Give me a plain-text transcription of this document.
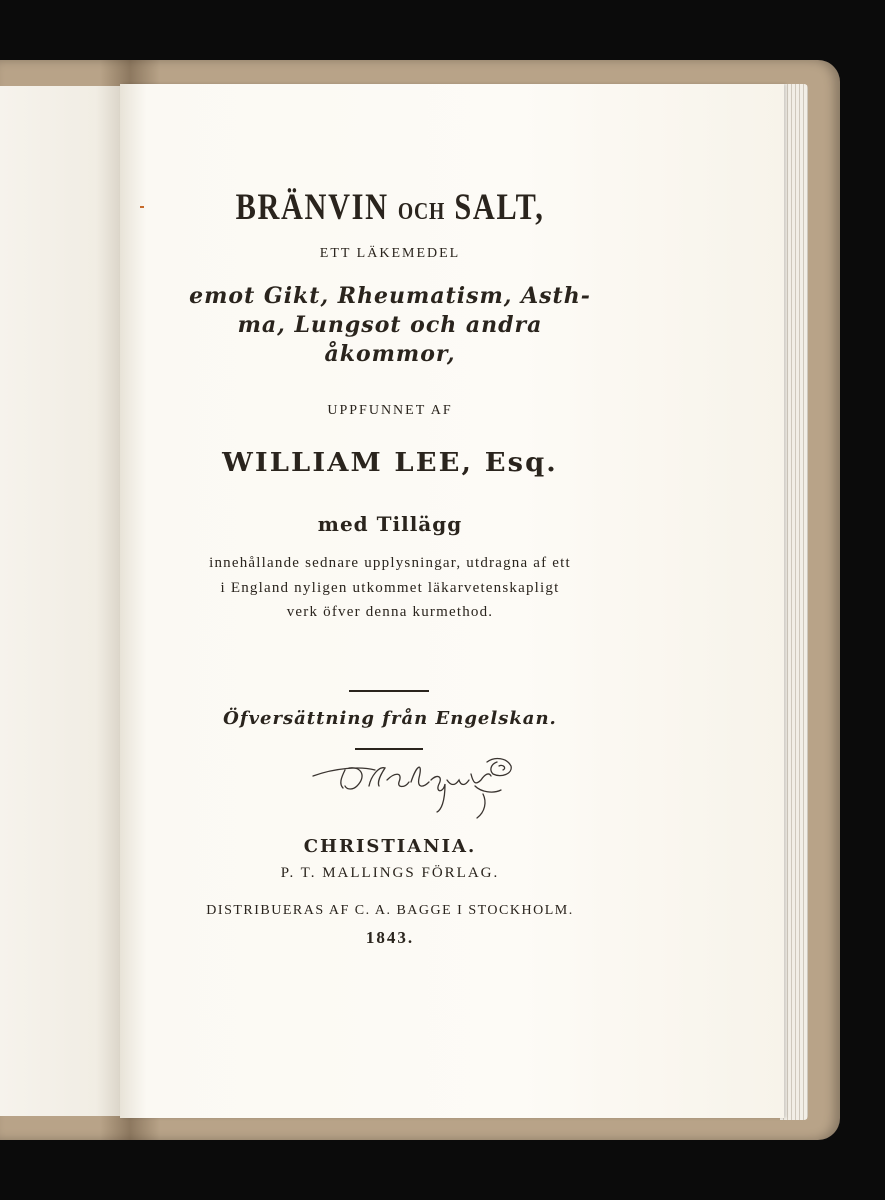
BRÄNVIN OCH SALT,
ETT LÄKEMEDEL
emot Gikt, Rheumatism, Asth-
ma, Lungsot och andra
åkommor,
UPPFUNNET AF
WILLIAM LEE, Esq.
med Tillägg
innehållande sednare upplysningar, utdragna af ett
i England nyligen utkommet läkarvetenskapligt
verk öfver denna kurmethod.
Öfversättning från Engelskan.
D. Dahlqvist
CHRISTIANIA.
P. T. MALLINGS FÖRLAG.
DISTRIBUERAS AF C. A. BAGGE I STOCKHOLM.
1843.
